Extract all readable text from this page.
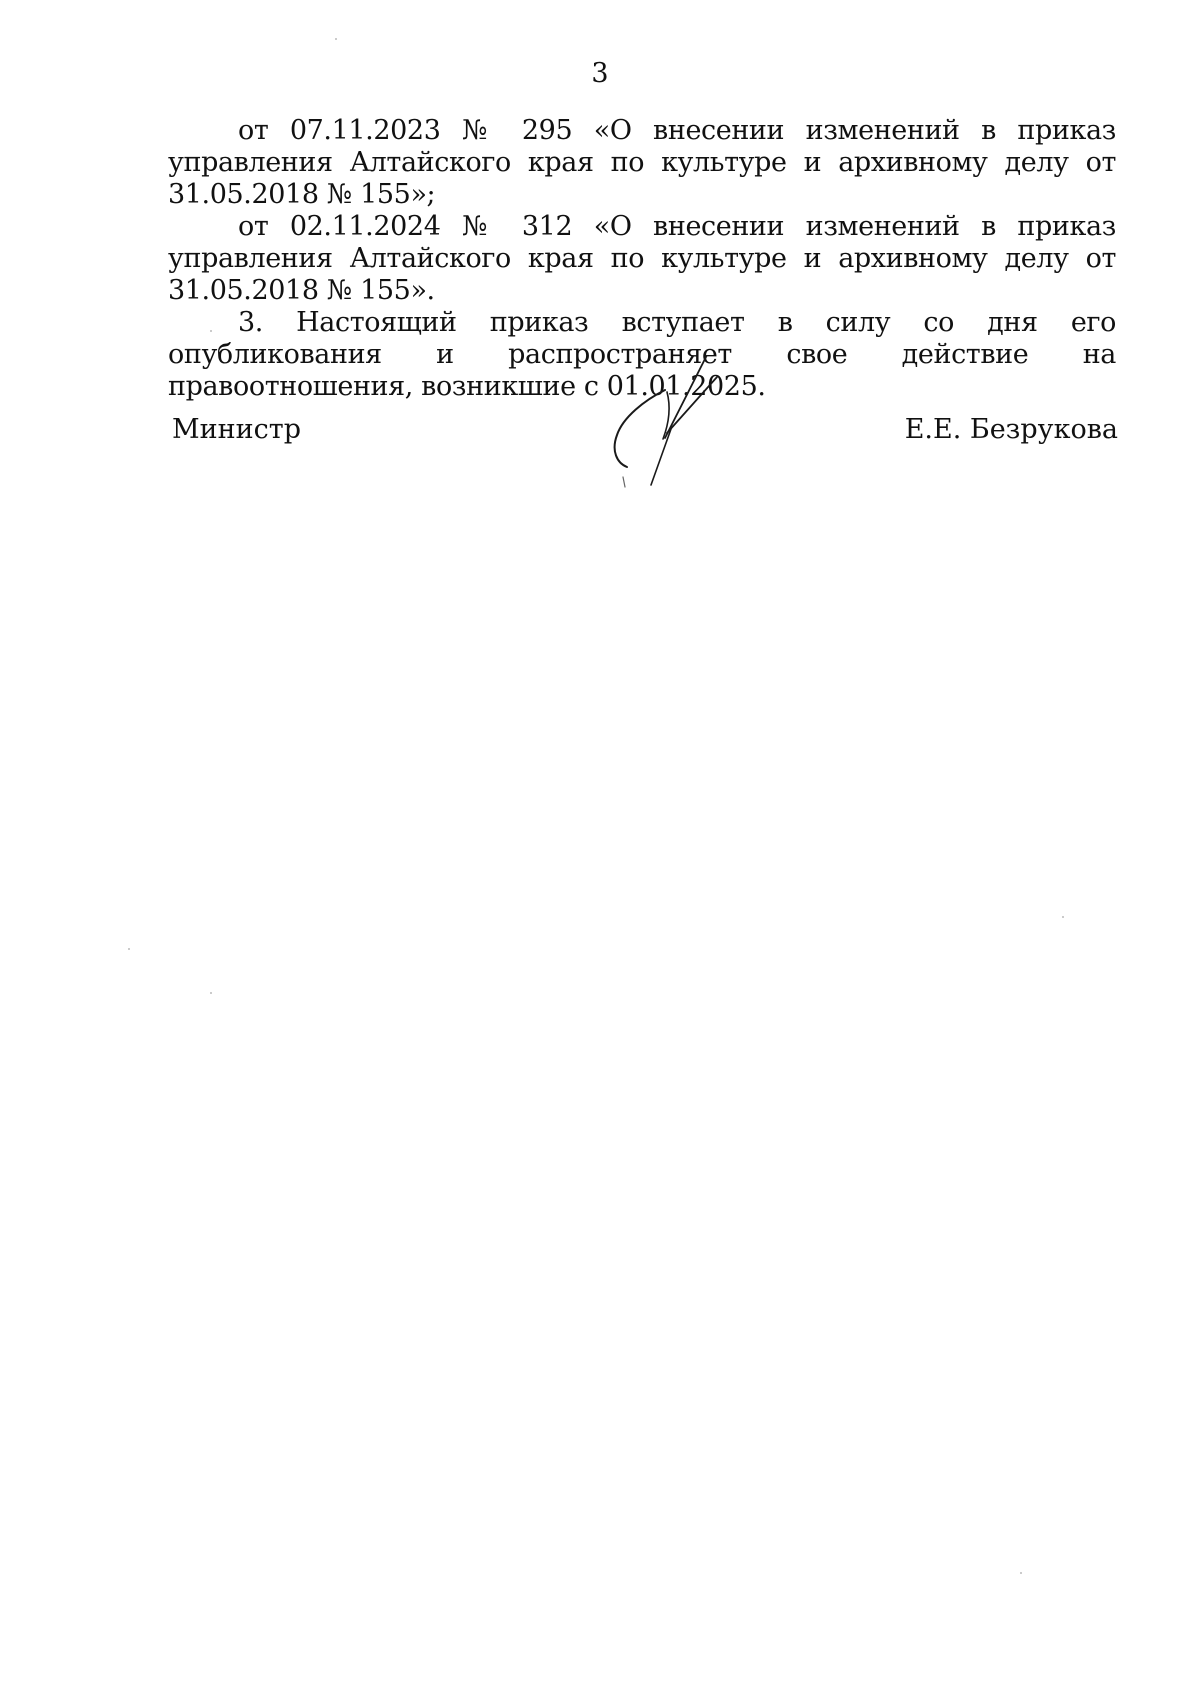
3

от 07.11.2023 № 295 «О внесении изменений в приказ управления Алтайского края по культуре и архивному делу от 31.05.2018 № 155»;

от 02.11.2024 № 312 «О внесении изменений в приказ управления Алтайского края по культуре и архивному делу от 31.05.2018 № 155».

3. Настоящий приказ вступает в силу со дня его опубликования и распространяет свое действие на правоотношения, возникшие с 01.01.2025.

Министр	Е.Е. Безрукова
